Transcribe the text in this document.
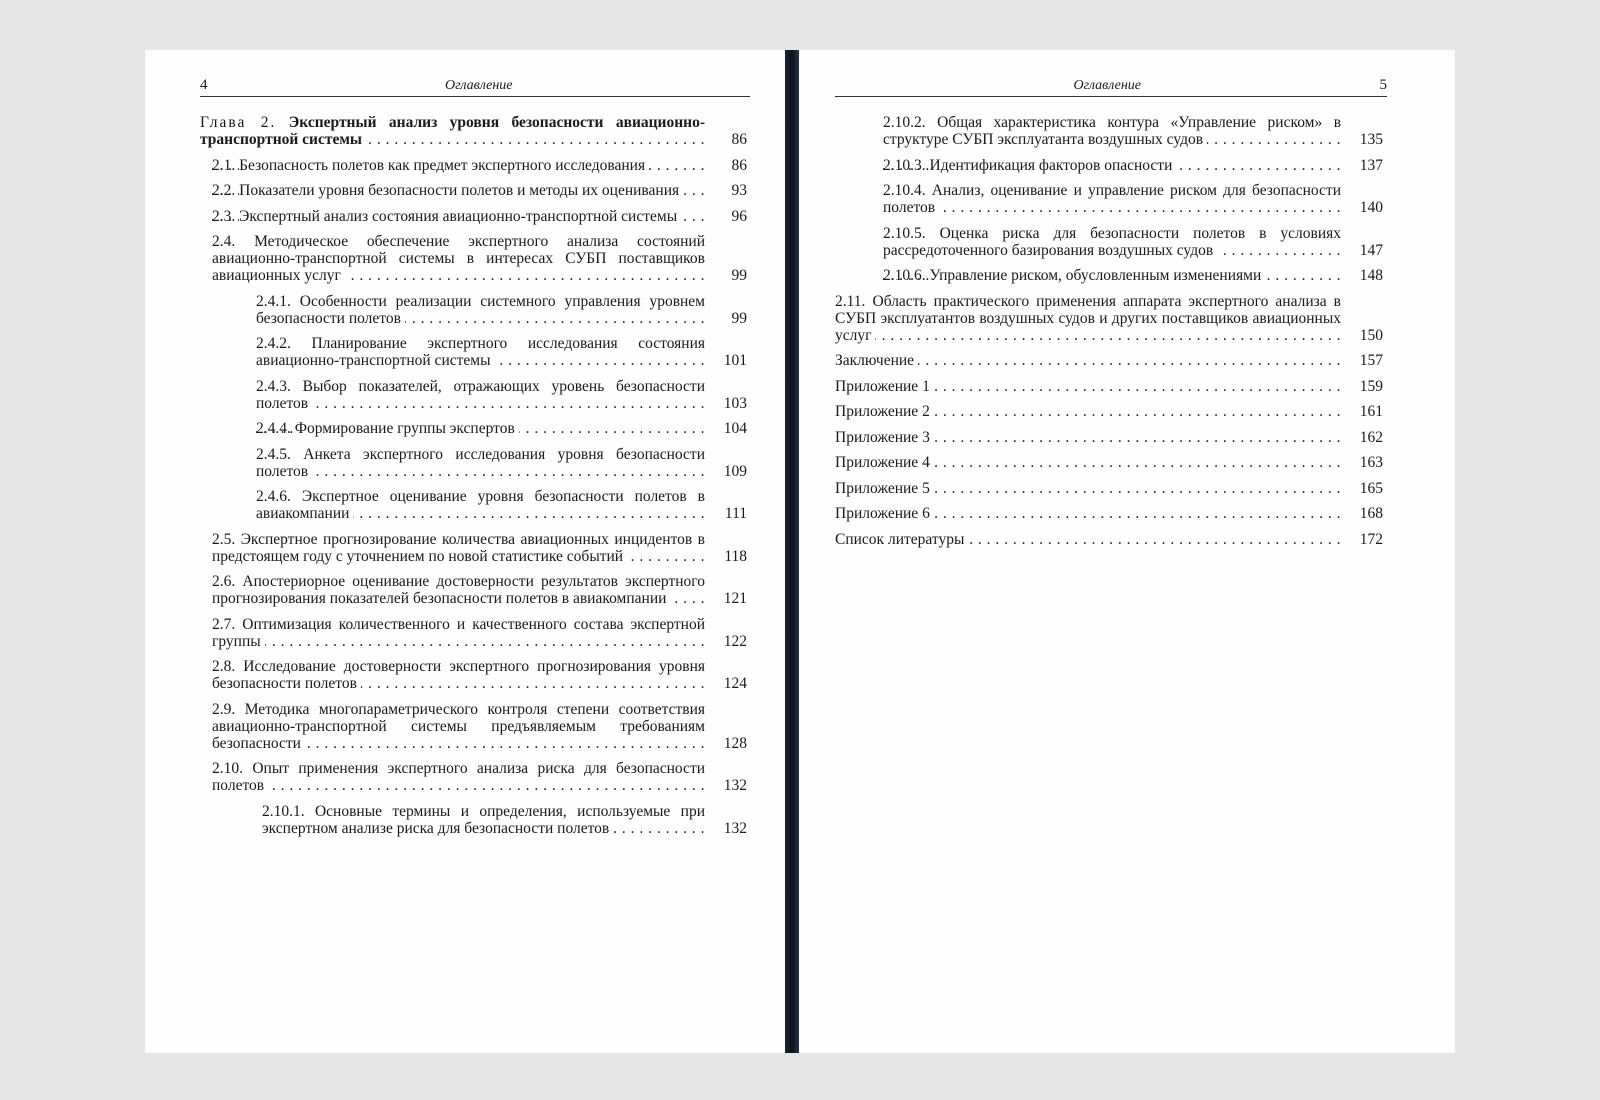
4	Оглавление
Глава 2. Экспертный анализ уровня безопасности авиационно-транспортной системы . . .	86
2.1. Безопасность полетов как предмет экспертного исследования . . .	86
2.2. Показатели уровня безопасности полетов и методы их оценивания . . .	93
2.3. Экспертный анализ состояния авиационно-транспортной системы . . .	96
2.4. Методическое обеспечение экспертного анализа состояний авиационно-транспортной системы в интересах СУБП поставщиков авиационных услуг . . .	99
2.4.1. Особенности реализации системного управления уровнем безопасности полетов . . .	99
2.4.2. Планирование экспертного исследования состояния авиационно-транспортной системы . . .	101
2.4.3. Выбор показателей, отражающих уровень безопасности полетов . . .	103
2.4.4. Формирование группы экспертов . . .	104
2.4.5. Анкета экспертного исследования уровня безопасности полетов . . .	109
2.4.6. Экспертное оценивание уровня безопасности полетов в авиакомпании . . .	111
2.5. Экспертное прогнозирование количества авиационных инцидентов в предстоящем году с уточнением по новой статистике событий . . .	118
2.6. Апостериорное оценивание достоверности результатов экспертного прогнозирования показателей безопасности полетов в авиакомпании . . .	121
2.7. Оптимизация количественного и качественного состава экспертной группы . . .	122
2.8. Исследование достоверности экспертного прогнозирования уровня безопасности полетов . . .	124
2.9. Методика многопараметрического контроля степени соответствия авиационно-транспортной системы предъявляемым требованиям безопасности . . .	128
2.10. Опыт применения экспертного анализа риска для безопасности полетов . . .	132
2.10.1. Основные термины и определения, используемые при экспертном анализе риска для безопасности полетов . . .	132
Оглавление	5
2.10.2. Общая характеристика контура «Управление риском» в структуре СУБП эксплуатанта воздушных судов . . .	135
2.10.3. Идентификация факторов опасности . . .	137
2.10.4. Анализ, оценивание и управление риском для безопасности полетов . . .	140
2.10.5. Оценка риска для безопасности полетов в условиях рассредоточенного базирования воздушных судов . . .	147
2.10.6. Управление риском, обусловленным изменениями . . .	148
2.11. Область практического применения аппарата экспертного анализа в СУБП эксплуатантов воздушных судов и других поставщиков авиационных услуг . . .	150
Заключение . . .	157
Приложение 1 . . .	159
Приложение 2 . . .	161
Приложение 3 . . .	162
Приложение 4 . . .	163
Приложение 5 . . .	165
Приложение 6 . . .	168
Список литературы . . .	172
